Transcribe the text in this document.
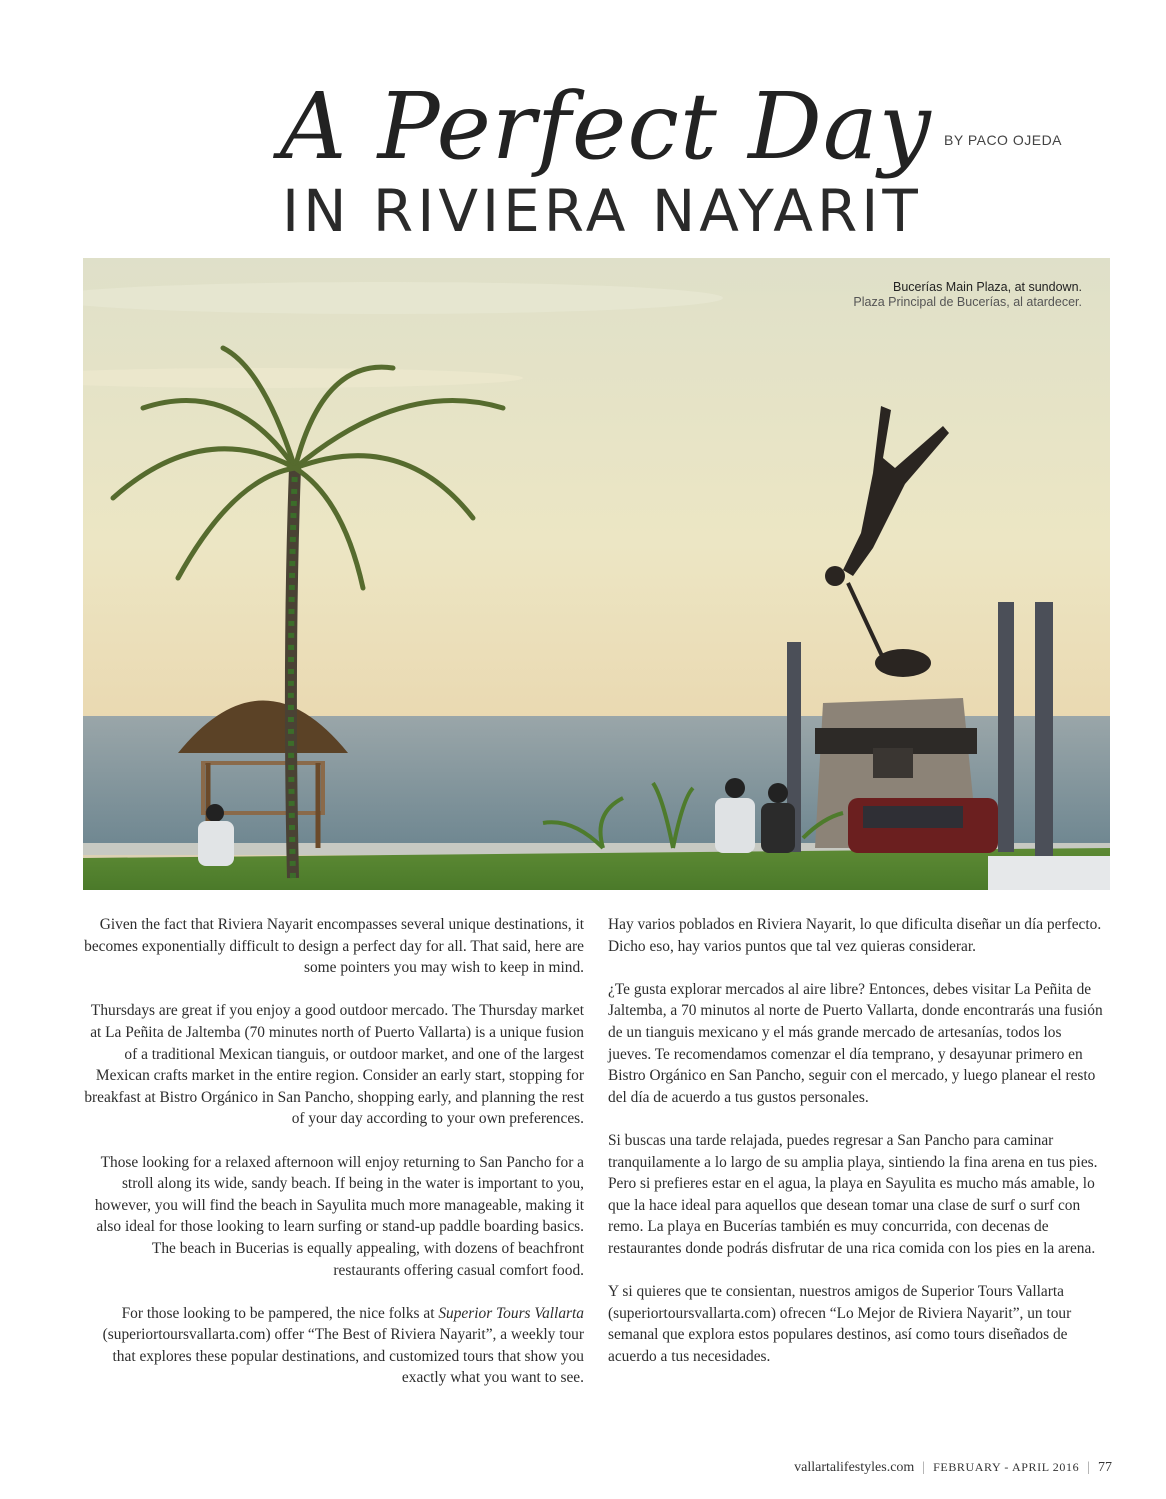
A Perfect Day
IN RIVIERA NAYARIT
BY PACO OJEDA
Bucerías Main Plaza, at sundown.
Plaza Principal de Bucerías, al atardecer.

Given the fact that Riviera Nayarit encompasses several unique destinations, it becomes exponentially difficult to design a perfect day for all. That said, here are some pointers you may wish to keep in mind.

Thursdays are great if you enjoy a good outdoor mercado. The Thursday market at La Peñita de Jaltemba (70 minutes north of Puerto Vallarta) is a unique fusion of a traditional Mexican tianguis, or outdoor market, and one of the largest Mexican crafts market in the entire region. Consider an early start, stopping for breakfast at Bistro Orgánico in San Pancho, shopping early, and planning the rest of your day according to your own preferences.

Those looking for a relaxed afternoon will enjoy returning to San Pancho for a stroll along its wide, sandy beach. If being in the water is important to you, however, you will find the beach in Sayulita much more manageable, making it also ideal for those looking to learn surfing or stand-up paddle boarding basics. The beach in Bucerias is equally appealing, with dozens of beachfront restaurants offering casual comfort food.

For those looking to be pampered, the nice folks at Superior Tours Vallarta (superiortoursvallarta.com) offer “The Best of Riviera Nayarit”, a weekly tour that explores these popular destinations, and customized tours that show you exactly what you want to see.

Hay varios poblados en Riviera Nayarit, lo que dificulta diseñar un día perfecto. Dicho eso, hay varios puntos que tal vez quieras considerar.

¿Te gusta explorar mercados al aire libre? Entonces, debes visitar La Peñita de Jaltemba, a 70 minutos al norte de Puerto Vallarta, donde encontrarás una fusión de un tianguis mexicano y el más grande mercado de artesanías, todos los jueves. Te recomendamos comenzar el día temprano, y desayunar primero en Bistro Orgánico en San Pancho, seguir con el mercado, y luego planear el resto del día de acuerdo a tus gustos personales.

Si buscas una tarde relajada, puedes regresar a San Pancho para caminar tranquilamente a lo largo de su amplia playa, sintiendo la fina arena en tus pies. Pero si prefieres estar en el agua, la playa en Sayulita es mucho más amable, lo que la hace ideal para aquellos que desean tomar una clase de surf o surf con remo. La playa en Bucerías también es muy concurrida, con decenas de restaurantes donde podrás disfrutar de una rica comida con los pies en la arena.

Y si quieres que te consientan, nuestros amigos de Superior Tours Vallarta (superiortoursvallarta.com) ofrecen “Lo Mejor de Riviera Nayarit”, un tour semanal que explora estos populares destinos, así como tours diseñados de acuerdo a tus necesidades.

vallartalifestyles.com | FEBRUARY - APRIL 2016 | 77
